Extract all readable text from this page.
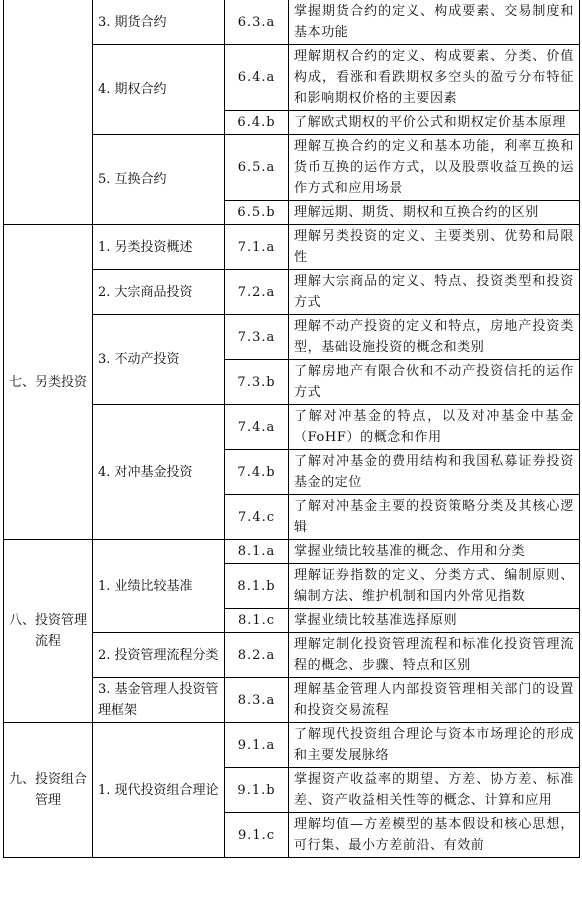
	3. 期货合约	6.3.a	掌握期货合约的定义、构成要素、交易制度和基本功能
	4. 期权合约	6.4.a	理解期权合约的定义、构成要素、分类、价值构成，看涨和看跌期权多空头的盈亏分布特征和影响期权价格的主要因素
		6.4.b	了解欧式期权的平价公式和期权定价基本原理
	5. 互换合约	6.5.a	理解互换合约的定义和基本功能，利率互换和货币互换的运作方式，以及股票收益互换的运作方式和应用场景
		6.5.b	理解远期、期货、期权和互换合约的区别
七、另类投资	1. 另类投资概述	7.1.a	理解另类投资的定义、主要类别、优势和局限性
	2. 大宗商品投资	7.2.a	理解大宗商品的定义、特点、投资类型和投资方式
	3. 不动产投资	7.3.a	理解不动产投资的定义和特点，房地产投资类型，基础设施投资的概念和类别
		7.3.b	了解房地产有限合伙和不动产投资信托的运作方式
	4. 对冲基金投资	7.4.a	了解对冲基金的特点，以及对冲基金中基金（FoHF）的概念和作用
		7.4.b	了解对冲基金的费用结构和我国私募证券投资基金的定位
		7.4.c	了解对冲基金主要的投资策略分类及其核心逻辑
八、投资管理流程	1. 业绩比较基准	8.1.a	掌握业绩比较基准的概念、作用和分类
		8.1.b	理解证券指数的定义、分类方式、编制原则、编制方法、维护机制和国内外常见指数
		8.1.c	掌握业绩比较基准选择原则
	2. 投资管理流程分类	8.2.a	理解定制化投资管理流程和标准化投资管理流程的概念、步骤、特点和区别
	3. 基金管理人投资管理框架	8.3.a	理解基金管理人内部投资管理相关部门的设置和投资交易流程
九、投资组合管理	1. 现代投资组合理论	9.1.a	了解现代投资组合理论与资本市场理论的形成和主要发展脉络
		9.1.b	掌握资产收益率的期望、方差、协方差、标准差、资产收益相关性等的概念、计算和应用
		9.1.c	理解均值—方差模型的基本假设和核心思想，可行集、最小方差前沿、有效前
